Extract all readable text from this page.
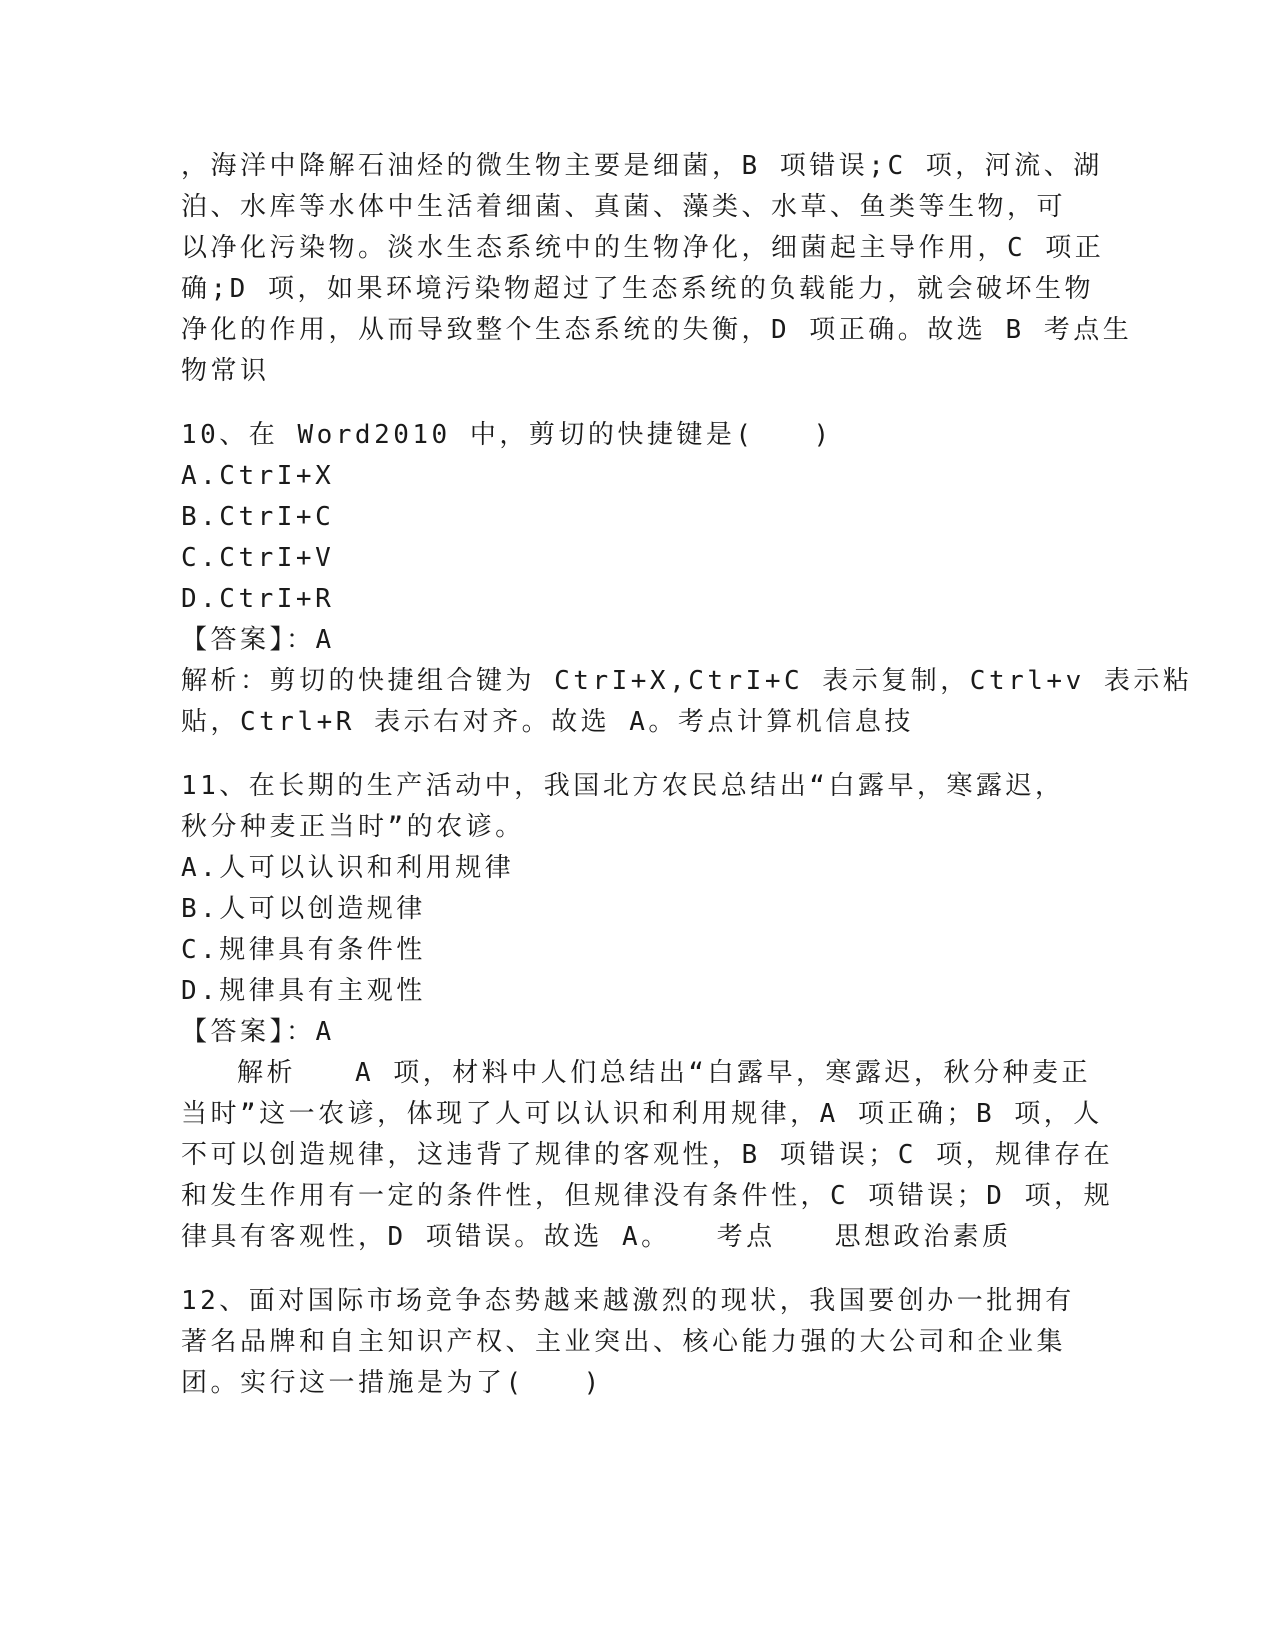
，海洋中降解石油烃的微生物主要是细菌，B 项错误;C 项，河流、湖
泊、水库等水体中生活着细菌、真菌、藻类、水草、鱼类等生物，可
以净化污染物。淡水生态系统中的生物净化，细菌起主导作用，C 项正
确;D 项，如果环境污染物超过了生态系统的负载能力，就会破坏生物
净化的作用，从而导致整个生态系统的失衡，D 项正确。故选 B 考点生
物常识
10、在 Word2010 中，剪切的快捷键是(　　)
A.CtrI+X
B.CtrI+C
C.CtrI+V
D.CtrI+R
【答案】：A
解析：剪切的快捷组合键为 CtrI+X,CtrI+C 表示复制，Ctrl+v 表示粘
贴，Ctrl+R 表示右对齐。故选 A。考点计算机信息技
11、在长期的生产活动中，我国北方农民总结出“白露早，寒露迟，
秋分种麦正当时”的农谚。
A.人可以认识和利用规律
B.人可以创造规律
C.规律具有条件性
D.规律具有主观性
【答案】：A
解析　　A 项，材料中人们总结出“白露早，寒露迟，秋分种麦正
当时”这一农谚，体现了人可以认识和利用规律，A 项正确；B 项，人
不可以创造规律，这违背了规律的客观性，B 项错误；C 项，规律存在
和发生作用有一定的条件性，但规律没有条件性，C 项错误；D 项，规
律具有客观性，D 项错误。故选 A。　　考点　　思想政治素质
12、面对国际市场竞争态势越来越激烈的现状，我国要创办一批拥有
著名品牌和自主知识产权、主业突出、核心能力强的大公司和企业集
团。实行这一措施是为了(　　)
